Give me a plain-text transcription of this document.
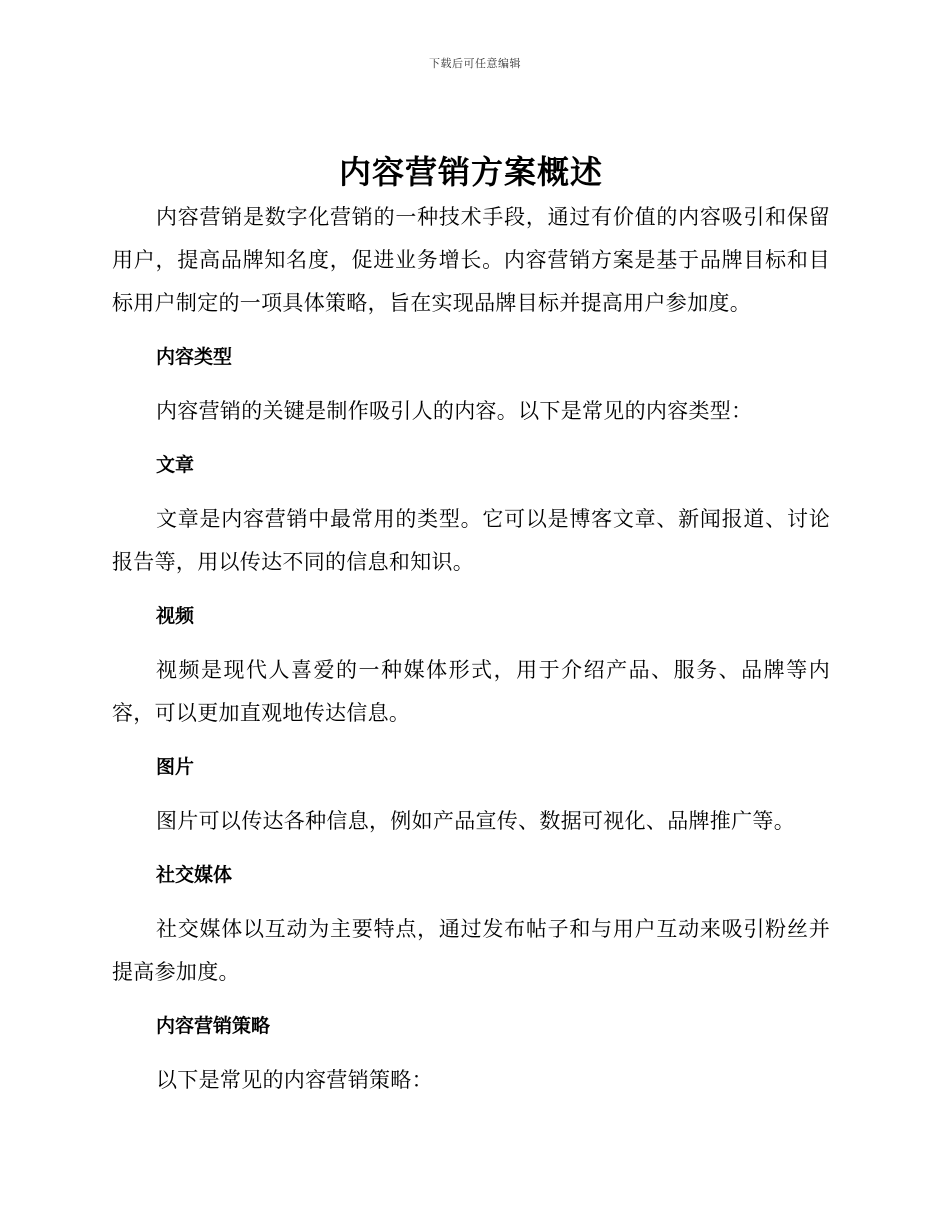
下载后可任意编辑
内容营销方案概述

内容营销是数字化营销的一种技术手段，通过有价值的内容吸引和保留用户，提高品牌知名度，促进业务增长。内容营销方案是基于品牌目标和目标用户制定的一项具体策略，旨在实现品牌目标并提高用户参加度。

内容类型

内容营销的关键是制作吸引人的内容。以下是常见的内容类型：

文章

文章是内容营销中最常用的类型。它可以是博客文章、新闻报道、讨论报告等，用以传达不同的信息和知识。

视频

视频是现代人喜爱的一种媒体形式，用于介绍产品、服务、品牌等内容，可以更加直观地传达信息。

图片

图片可以传达各种信息，例如产品宣传、数据可视化、品牌推广等。

社交媒体

社交媒体以互动为主要特点，通过发布帖子和与用户互动来吸引粉丝并提高参加度。

内容营销策略

以下是常见的内容营销策略：
